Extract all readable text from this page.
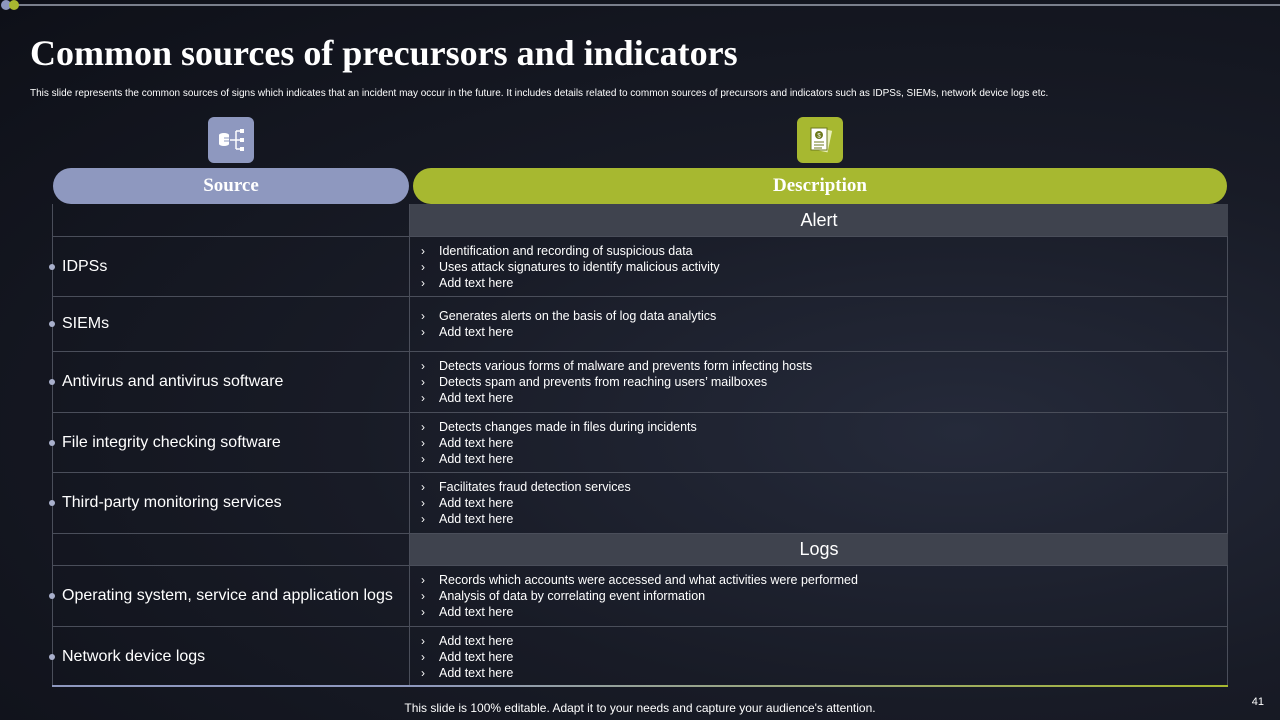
Common sources of precursors and indicators
This slide represents the common sources of signs which indicates that an incident may occur in the future. It includes details related to common sources of precursors and indicators such as IDPSs, SIEMs, network device logs etc.
$
Source	Description
Alert
IDPSs
›	Identification and recording of suspicious data
›	Uses attack signatures to identify malicious activity
›	Add text here
SIEMs	›	Generates alerts on the basis of log data analytics
›	Add text here
Antivirus and antivirus software
›	Detects various forms of malware and prevents form infecting hosts
›	Detects spam and prevents from reaching users’ mailboxes
›	Add text here
File integrity checking software
›	Detects changes made in files during incidents
›	Add text here
›	Add text here
Third-party monitoring services
›	Facilitates fraud detection services
›	Add text here
›	Add text here
Logs
Operating system, service and application logs
›	Records which accounts were accessed and what activities were performed
›	Analysis of data by correlating event information
›	Add text here
Network device logs
›	Add text here
›	Add text here
›	Add text here
This slide is 100% editable. Adapt it to your needs and capture your audience's attention.	41
